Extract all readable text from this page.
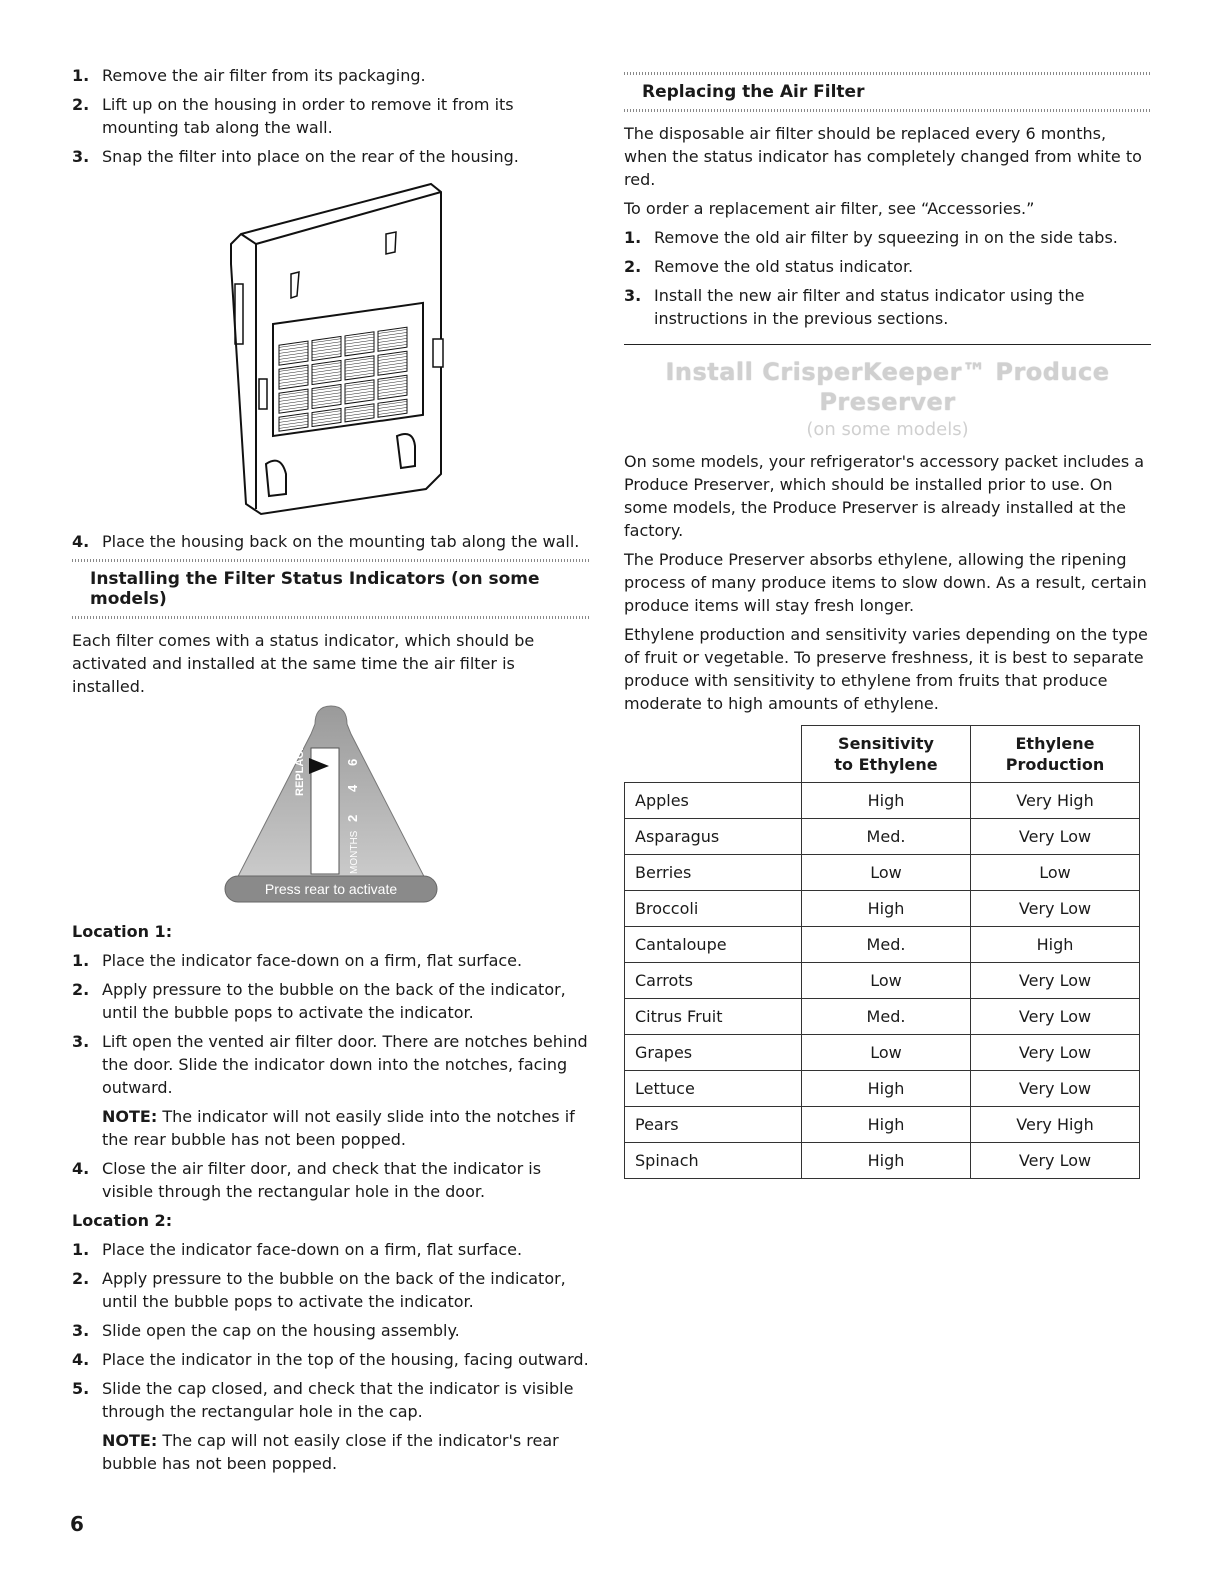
1. Remove the air filter from its packaging.
2. Lift up on the housing in order to remove it from its mounting tab along the wall.
3. Snap the filter into place on the rear of the housing.
4. Place the housing back on the mounting tab along the wall.
Installing the Filter Status Indicators (on some models)

Each filter comes with a status indicator, which should be activated and installed at the same time the air filter is installed.

REPLACE
MONTHS
2
4
6
Press rear to activate
Location 1:
1. Place the indicator face-down on a firm, flat surface.
2. Apply pressure to the bubble on the back of the indicator, until the bubble pops to activate the indicator.
3. Lift open the vented air filter door. There are notches behind the door. Slide the indicator down into the notches, facing outward.

NOTE: The indicator will not easily slide into the notches if the rear bubble has not been popped.

4. Close the air filter door, and check that the indicator is visible through the rectangular hole in the door.
Location 2:
1. Place the indicator face-down on a firm, flat surface.
2. Apply pressure to the bubble on the back of the indicator, until the bubble pops to activate the indicator.
3. Slide open the cap on the housing assembly.
4. Place the indicator in the top of the housing, facing outward.
5. Slide the cap closed, and check that the indicator is visible through the rectangular hole in the cap.

NOTE: The cap will not easily close if the indicator's rear bubble has not been popped.

Replacing the Air Filter

The disposable air filter should be replaced every 6 months, when the status indicator has completely changed from white to red.

To order a replacement air filter, see “Accessories.”

1. Remove the old air filter by squeezing in on the side tabs.
2. Remove the old status indicator.
3. Install the new air filter and status indicator using the instructions in the previous sections.
Install CrisperKeeper™ Produce Preserver
(on some models)

On some models, your refrigerator's accessory packet includes a Produce Preserver, which should be installed prior to use. On some models, the Produce Preserver is already installed at the factory.

The Produce Preserver absorbs ethylene, allowing the ripening process of many produce items to slow down. As a result, certain produce items will stay fresh longer.

Ethylene production and sensitivity varies depending on the type of fruit or vegetable. To preserve freshness, it is best to separate produce with sensitivity to ethylene from fruits that produce moderate to high amounts of ethylene.

	Sensitivity to Ethylene	Ethylene Production
Apples	High	Very High
Asparagus	Med.	Very Low
Berries	Low	Low
Broccoli	High	Very Low
Cantaloupe	Med.	High
Carrots	Low	Very Low
Citrus Fruit	Med.	Very Low
Grapes	Low	Very Low
Lettuce	High	Very Low
Pears	High	Very High
Spinach	High	Very Low
6
